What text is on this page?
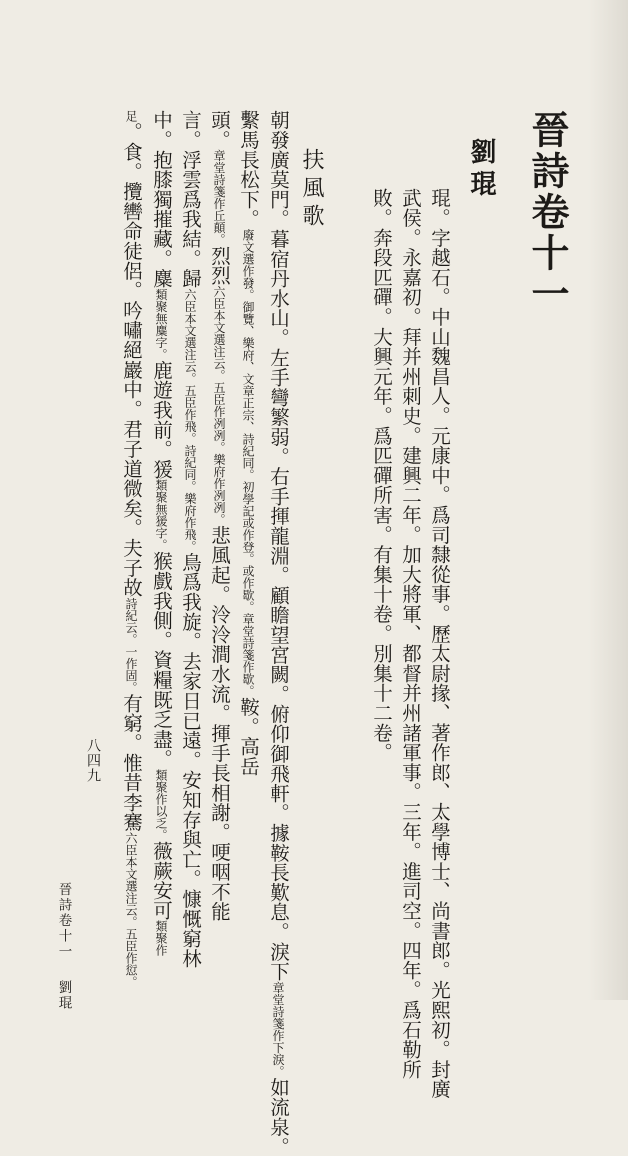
晉詩卷十一
劉琨
琨。字越石。中山魏昌人。元康中。爲司隸從事。歷太尉掾、著作郎、太學博士、尚書郎。光熙初。封廣
武侯。永嘉初。拜并州刺史。建興二年。加大將軍、都督并州諸軍事。三年。進司空。四年。爲石勒所
敗。奔段匹磾。大興元年。爲匹磾所害。有集十卷。別集十二卷。
扶風歌
朝發廣莫門。暮宿丹水山。左手彎繁弱。右手揮龍淵。顧瞻望宮闕。俯仰御飛軒。據鞍長歎息。淚下章堂詩箋作下淚。如流泉。
繫馬長松下。廢文選作發。御覽、樂府、文章正宗、詩紀同。初學記或作登。或作歇。章堂詩箋作歇。鞍。高岳
頭。章堂詩箋作丘顛。烈烈六臣本文選注云。五臣作冽冽。樂府作冽冽。悲風起。泠泠澗水流。揮手長相謝。哽咽不能
言。浮雲爲我結。歸六臣本文選注云。五臣作飛。詩紀同。樂府作飛。鳥爲我旋。去家日已遠。安知存與亡。慷慨窮林
中。抱膝獨摧藏。麋類聚無麋字。鹿遊我前。猨類聚無猨字。猴戲我側。資糧既乏盡。類聚作以乏。薇蕨安可類聚作
足。食。攬轡命徒侶。吟嘯絕巖中。君子道微矣。夫子故詩紀云。一作固。有窮。惟昔李騫六臣本文選注云。五臣作愆。
晉詩卷十一劉琨
八四九
